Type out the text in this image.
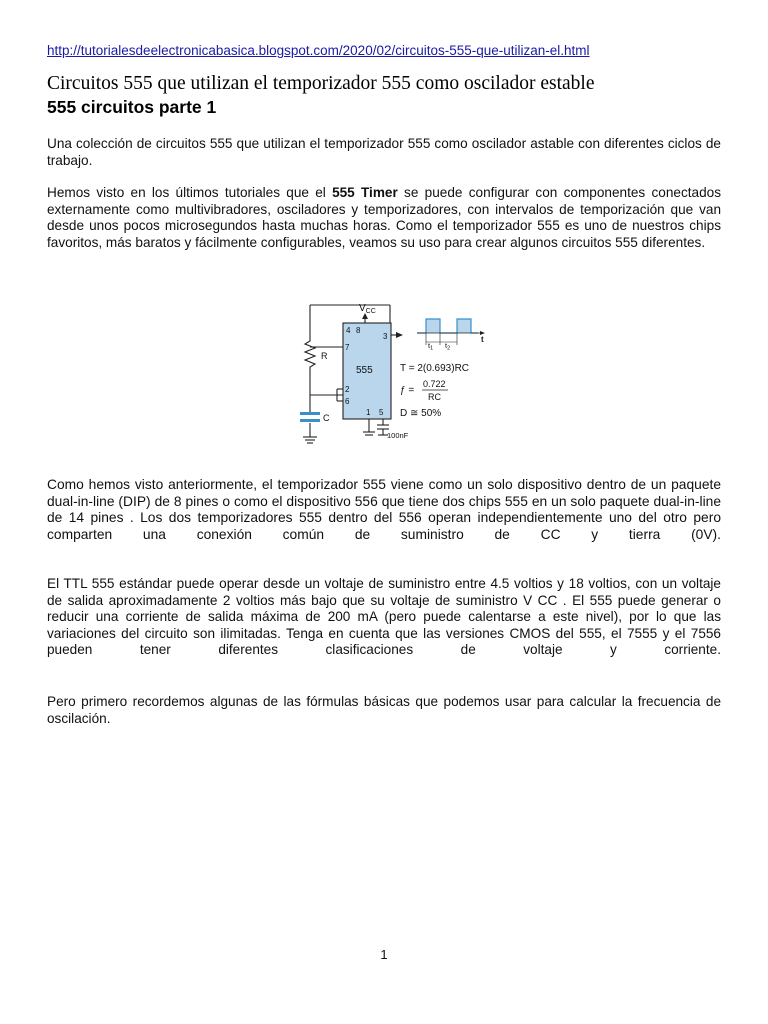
http://tutorialesdeelectronicabasica.blogspot.com/2020/02/circuitos-555-que-utilizan-el.html
Circuitos 555 que utilizan el temporizador 555 como oscilador estable
555 circuitos parte 1

Una colección de circuitos 555 que utilizan el temporizador 555 como oscilador astable con diferentes ciclos de trabajo.

Hemos visto en los últimos tutoriales que el 555 Timer se puede configurar con componentes conectados externamente como multivibradores, osciladores y temporizadores, con intervalos de temporización que van desde unos pocos microsegundos hasta muchas horas. Como el temporizador 555 es uno de nuestros chips favoritos, más baratos y fácilmente configurables, veamos su uso para crear algunos circuitos 555 diferentes.

$V_{CC}$
4 8
3
7
555
2
6
1 5
R
C
100nF
t
$t_1$ $t_2$
T = 2(0.693)RC
ƒ =
0.722
RC
D ≅ 50%

Como hemos visto anteriormente, el temporizador 555 viene como un solo dispositivo dentro de un paquete dual-in-line (DIP) de 8 pines o como el dispositivo 556 que tiene dos chips 555 en un solo paquete dual-in-line de 14 pines . Los dos temporizadores 555 dentro del 556 operan independientemente uno del otro pero comparten una conexión común de suministro de CC y tierra (0V).

El TTL 555 estándar puede operar desde un voltaje de suministro entre 4.5 voltios y 18 voltios, con un voltaje de salida aproximadamente 2 voltios más bajo que su voltaje de suministro V CC . El 555 puede generar o reducir una corriente de salida máxima de 200 mA (pero puede calentarse a este nivel), por lo que las variaciones del circuito son ilimitadas. Tenga en cuenta que las versiones CMOS del 555, el 7555 y el 7556 pueden tener diferentes clasificaciones de voltaje y corriente.

Pero primero recordemos algunas de las fórmulas básicas que podemos usar para calcular la frecuencia de oscilación.

1
